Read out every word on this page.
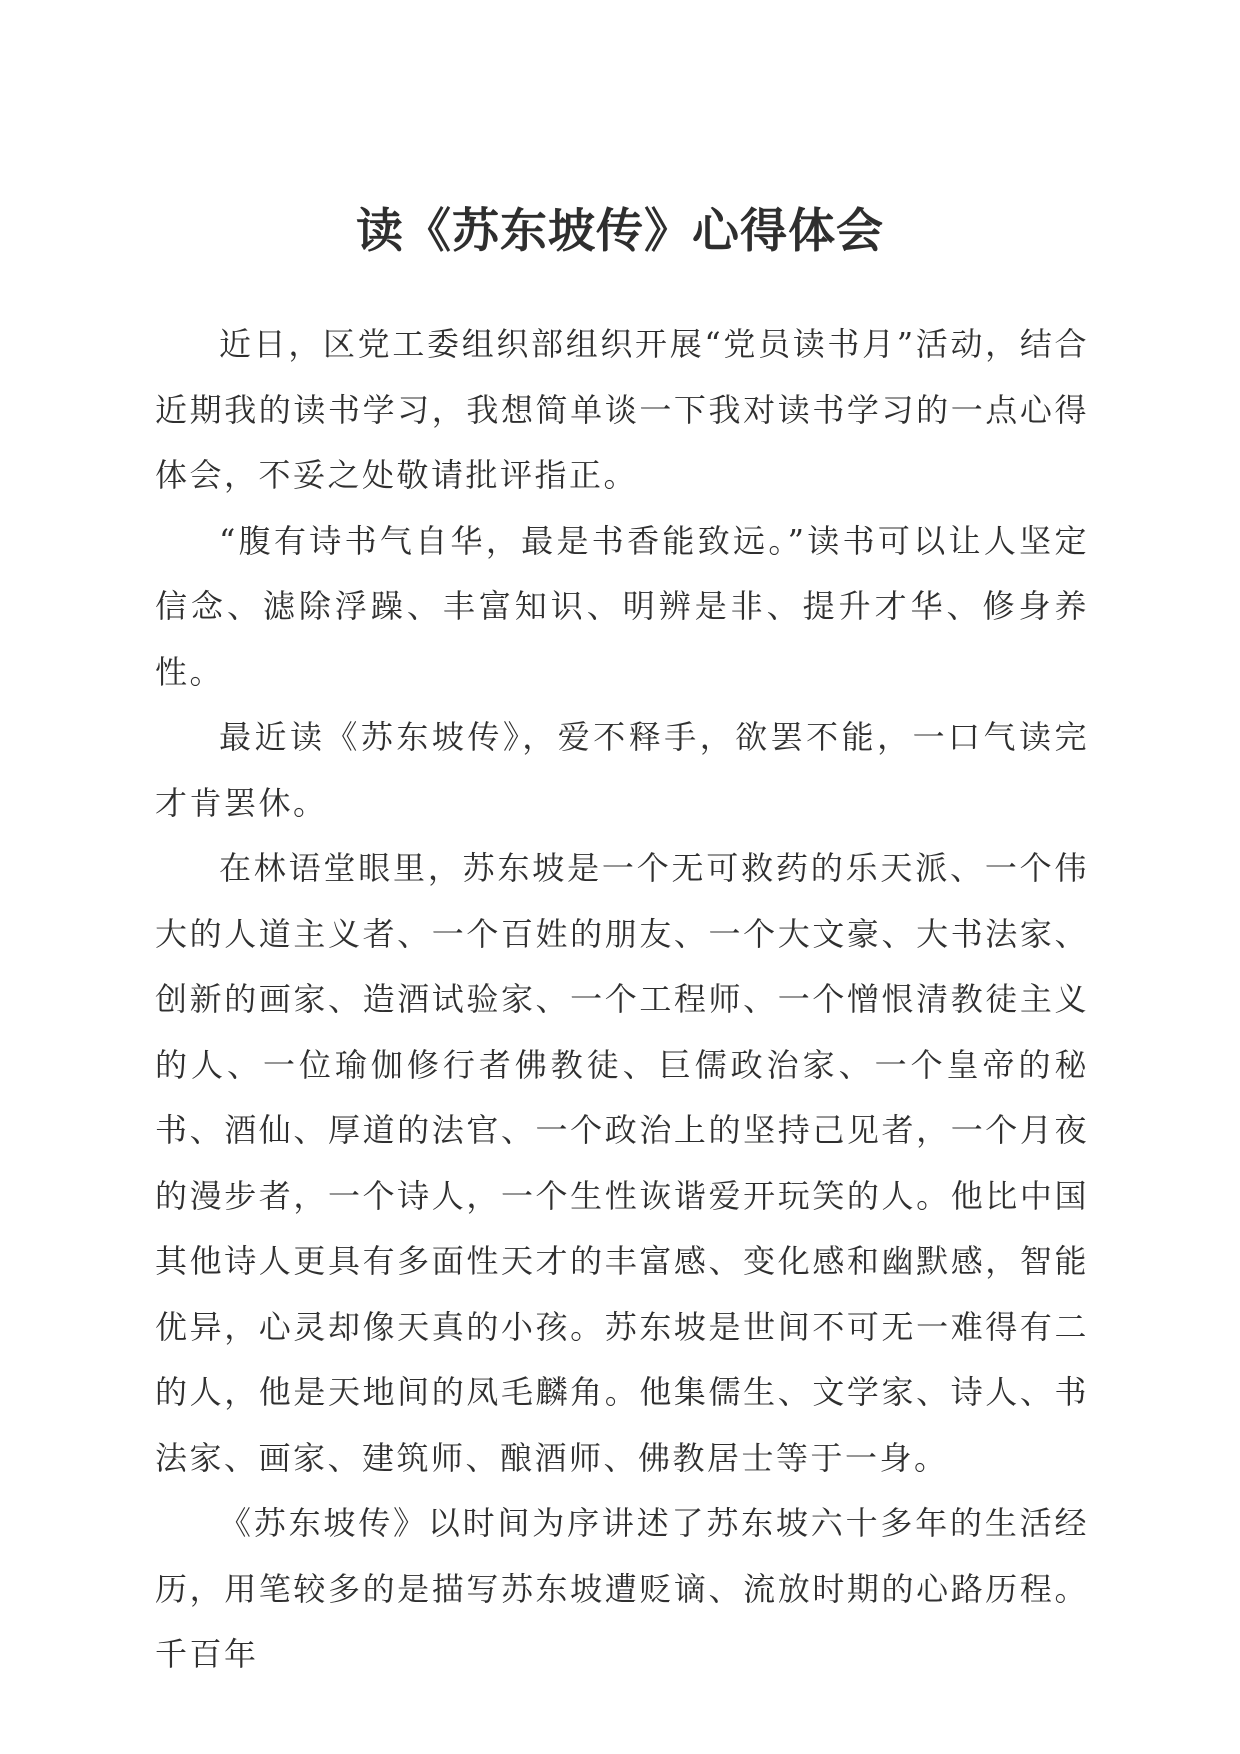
读《苏东坡传》心得体会

近日，区党工委组织部组织开展“党员读书月”活动，结合近期我的读书学习，我想简单谈一下我对读书学习的一点心得体会，不妥之处敬请批评指正。

“腹有诗书气自华，最是书香能致远。”读书可以让人坚定信念、滤除浮躁、丰富知识、明辨是非、提升才华、修身养性。

最近读《苏东坡传》，爱不释手，欲罢不能，一口气读完才肯罢休。

在林语堂眼里，苏东坡是一个无可救药的乐天派、一个伟大的人道主义者、一个百姓的朋友、一个大文豪、大书法家、创新的画家、造酒试验家、一个工程师、一个憎恨清教徒主义的人、一位瑜伽修行者佛教徒、巨儒政治家、一个皇帝的秘书、酒仙、厚道的法官、一个政治上的坚持己见者，一个月夜的漫步者，一个诗人，一个生性诙谐爱开玩笑的人。他比中国其他诗人更具有多面性天才的丰富感、变化感和幽默感，智能优异，心灵却像天真的小孩。苏东坡是世间不可无一难得有二的人，他是天地间的凤毛麟角。他集儒生、文学家、诗人、书法家、画家、建筑师、酿酒师、佛教居士等于一身。

《苏东坡传》以时间为序讲述了苏东坡六十多年的生活经历，用笔较多的是描写苏东坡遭贬谪、流放时期的心路历程。千百年
